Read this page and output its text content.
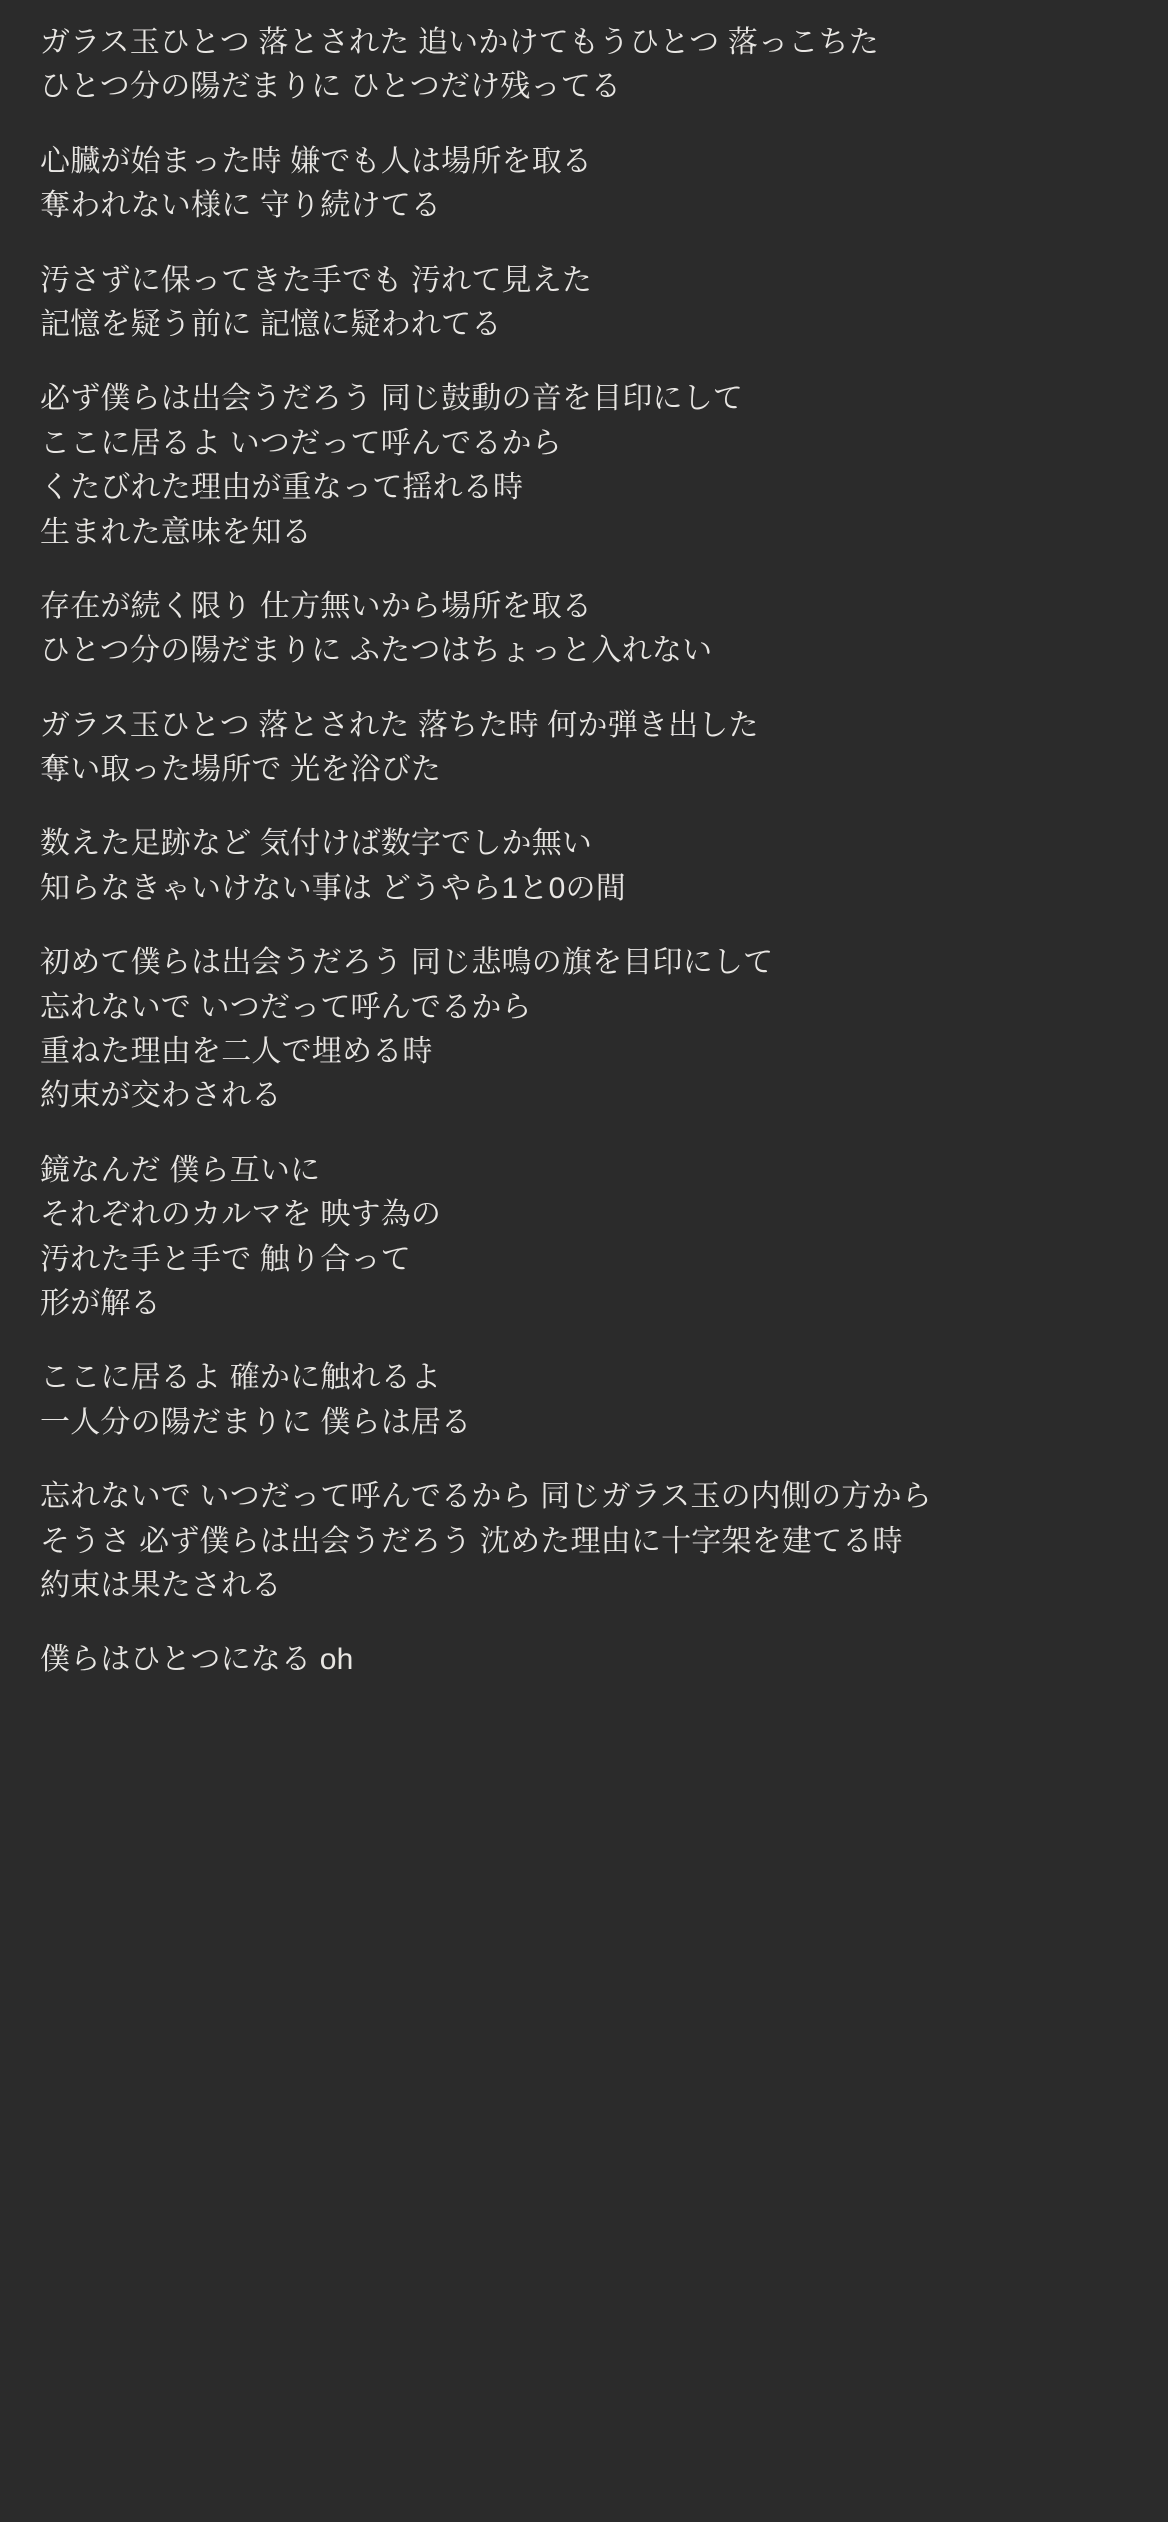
ガラス玉ひとつ 落とされた 追いかけてもうひとつ 落っこちた

ひとつ分の陽だまりに ひとつだけ残ってる

心臓が始まった時 嫌でも人は場所を取る

奪われない様に 守り続けてる

汚さずに保ってきた手でも 汚れて見えた

記憶を疑う前に 記憶に疑われてる

必ず僕らは出会うだろう 同じ鼓動の音を目印にして

ここに居るよ いつだって呼んでるから

くたびれた理由が重なって揺れる時

生まれた意味を知る

存在が続く限り 仕方無いから場所を取る

ひとつ分の陽だまりに ふたつはちょっと入れない

ガラス玉ひとつ 落とされた 落ちた時 何か弾き出した

奪い取った場所で 光を浴びた

数えた足跡など 気付けば数字でしか無い

知らなきゃいけない事は どうやら1と0の間

初めて僕らは出会うだろう 同じ悲鳴の旗を目印にして

忘れないで いつだって呼んでるから

重ねた理由を二人で埋める時

約束が交わされる

鏡なんだ 僕ら互いに

それぞれのカルマを 映す為の

汚れた手と手で 触り合って

形が解る

ここに居るよ 確かに触れるよ

一人分の陽だまりに 僕らは居る

忘れないで いつだって呼んでるから 同じガラス玉の内側の方から

そうさ 必ず僕らは出会うだろう 沈めた理由に十字架を建てる時

約束は果たされる

僕らはひとつになる oh
